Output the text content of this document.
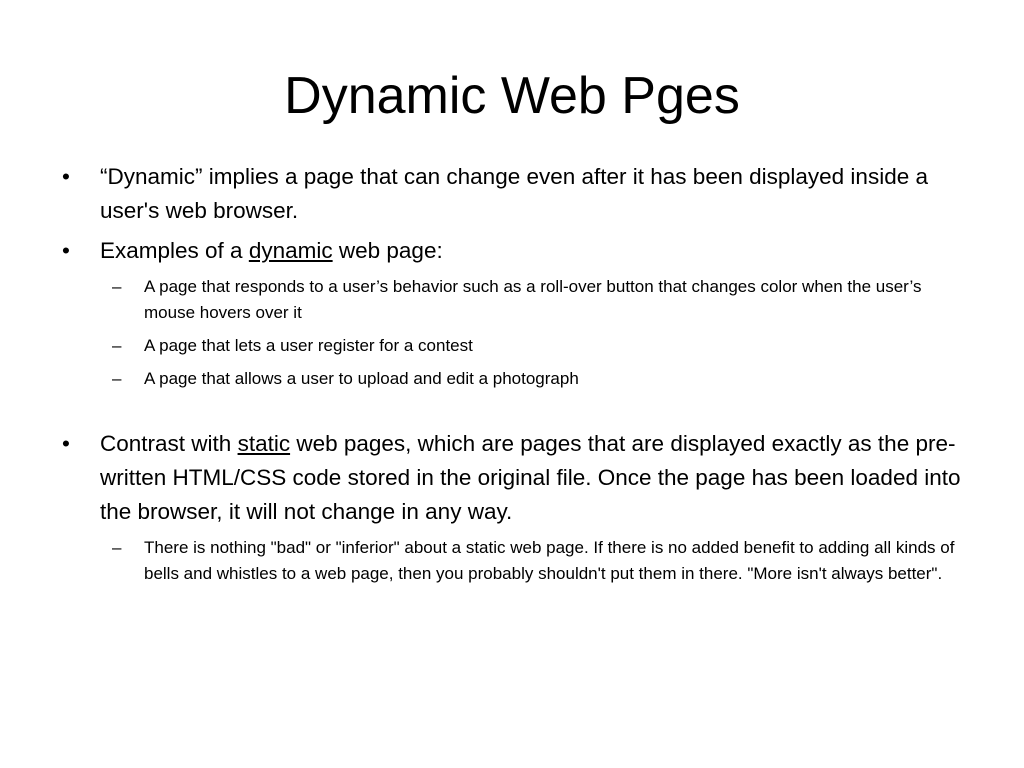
Dynamic Web Pges
•	“Dynamic” implies a page that can change even after it has been displayed inside a user's web browser.
•	Examples of a dynamic web page:
– A page that responds to a user’s behavior such as a roll-over button that changes color when the user’s mouse hovers over it
– A page that lets a user register for a contest
– A page that allows a user to upload and edit a photograph
•	Contrast with static web pages, which are pages that are displayed exactly as the pre-written HTML/CSS code stored in the original file. Once the page has been loaded into the browser, it will not change in any way.
– There is nothing "bad" or "inferior" about a static web page. If there is no added benefit to adding all kinds of bells and whistles to a web page, then you probably shouldn't put them in there. "More isn't always better".
